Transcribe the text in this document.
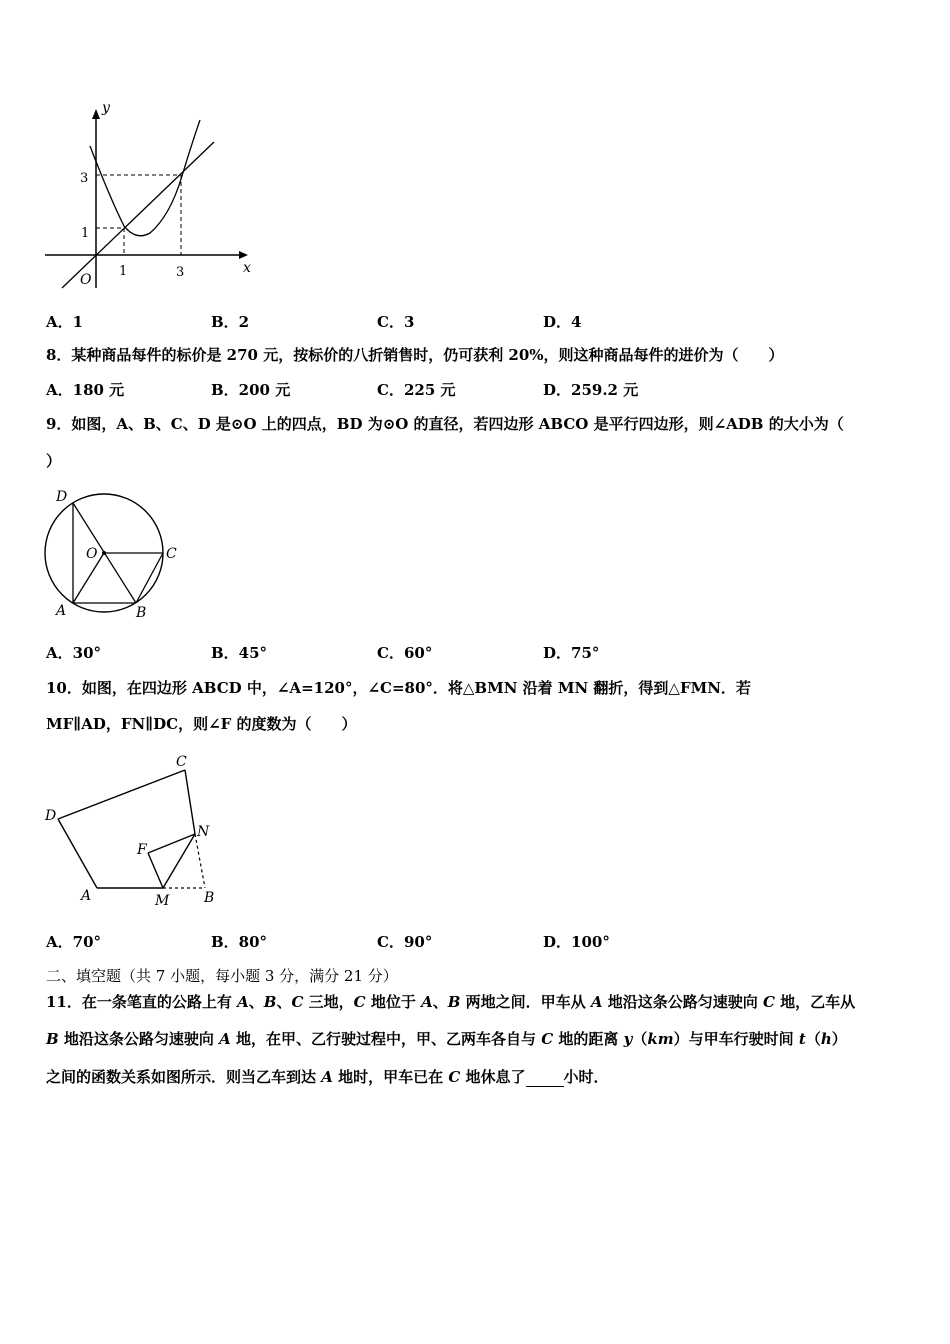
y
x
O
1	3
1
3
A．1	B．2	C．3	D．4
8．某种商品每件的标价是 270 元，按标价的八折销售时，仍可获利 20%，则这种商品每件的进价为（　　）
A．180 元	B．200 元	C．225 元	D．259.2 元
9．如图，A、B、C、D 是⊙O 上的四点，BD 为⊙O 的直径，若四边形 ABCO 是平行四边形，则∠ADB 的大小为（
）
D
O	C
A	B
A．30°	B．45°	C．60°	D．75°
10．如图，在四边形 ABCD 中，∠A=120°，∠C=80°．将△BMN 沿着 MN 翻折，得到△FMN．若
MF∥AD，FN∥DC，则∠F 的度数为（　　）
C
D
N
F
A	M B
A．70°	B．80°	C．90°	D．100°
二、填空题（共 7 小题，每小题 3 分，满分 21 分）
11．在一条笔直的公路上有 A、B、C 三地，C 地位于 A、B 两地之间．甲车从 A 地沿这条公路匀速驶向 C 地，乙车从
B 地沿这条公路匀速驶向 A 地，在甲、乙行驶过程中，甲、乙两车各自与 C 地的距离 y（km）与甲车行驶时间 t（h）
之间的函数关系如图所示．则当乙车到达 A 地时，甲车已在 C 地休息了	小时．
